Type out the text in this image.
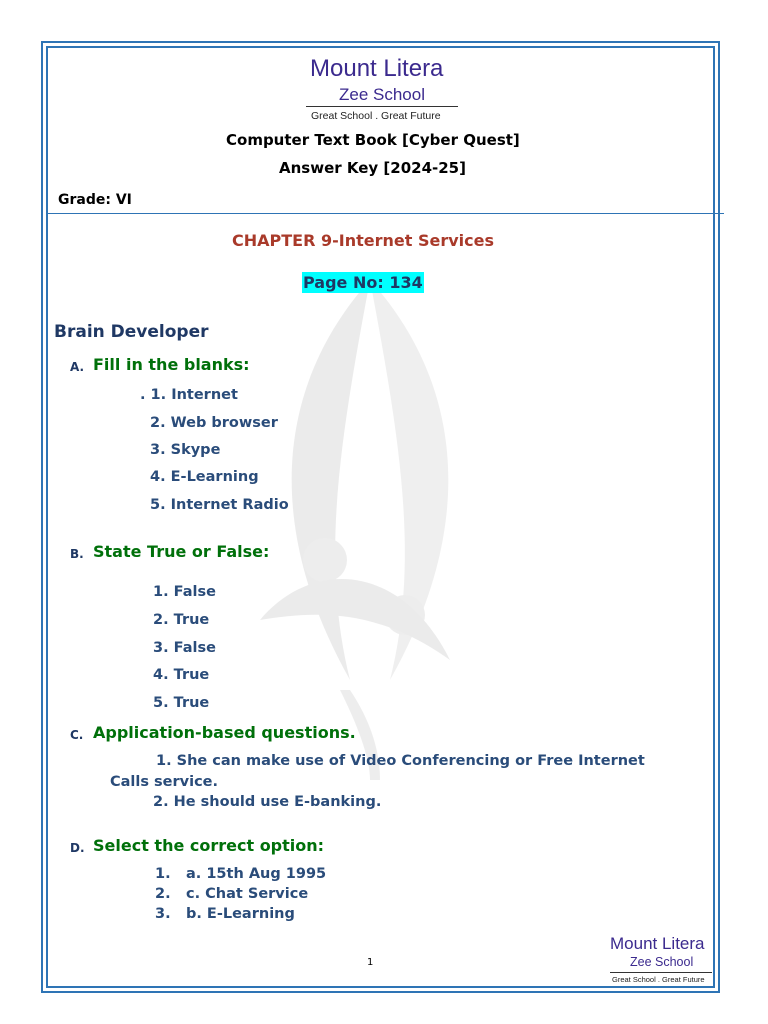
Mount Litera
Zee School
Great School . Great Future
Computer Text Book [Cyber Quest]
Answer Key [2024-25]
Grade: VI
CHAPTER 9-Internet Services
Page No: 134
Brain Developer
A. Fill in the blanks:
. 1. Internet
2. Web browser
3. Skype
4. E-Learning
5. Internet Radio
B. State True or False:
1. False
2. True
3. False
4. True
5. True
C. Application-based questions.
1. She can make use of Video Conferencing or Free Internet
Calls service.
2. He should use E-banking.
D. Select the correct option:
1. a. 15th Aug 1995
2. c. Chat Service
3. b. E-Learning
1
Mount Litera
Zee School
Great School . Great Future
